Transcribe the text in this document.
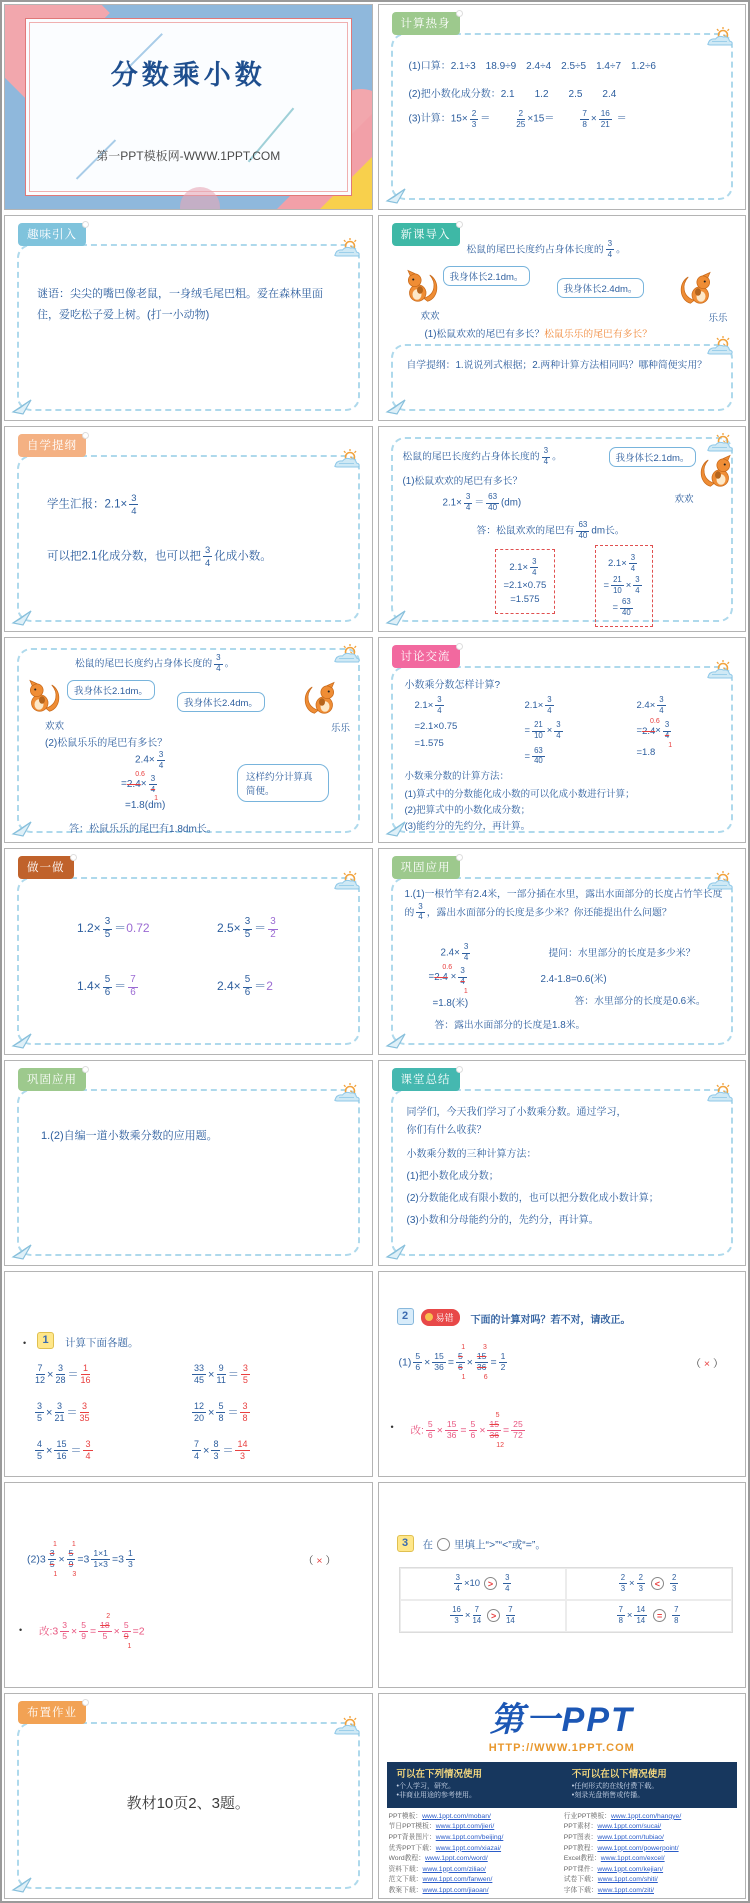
分数乘小数
第一PPT模板网-WWW.1PPT.COM
计算热身
(1)口算：2.1÷3　18.9÷9　2.4÷4　2.5÷5　1.4÷7　1.2÷6
(2)把小数化成分数：2.1　　1.2　　2.5　　2.4
(3)计算：$15\times \frac{2}{3}$ ＝	$\frac{2}{25} \times 15=$	$\frac{7}{8} \times \frac{16}{21}$ ＝
趣味引入
谜语：尖尖的嘴巴像老鼠，一身绒毛尾巴粗。爱在森林里面住，爱吃松子爱上树。(打一小动物)
新课导入
松鼠的尾巴长度约占身体长度的 $\frac{3}{4}$ 。
我身体长2.1dm。
我身体长2.4dm。
欢欢	乐乐
(1)松鼠欢欢的尾巴有多长？松鼠乐乐的尾巴有多长？
自学提纲：1.说说列式根据；2.两种计算方法相同吗？哪种简便实用？
自学提纲
学生汇报：$2.1\times \frac{3}{4}$
可以把2.1化成分数，也可以把 $\frac{3}{4}$ 化成小数。
松鼠的尾巴长度约占身体长度的 $\frac{3}{4}$ 。	我身体长2.1dm。
欢欢
(1)松鼠欢欢的尾巴有多长？
$2.1\times \frac{3}{4} = \frac{63}{40} (dm)$
答：松鼠欢欢的尾巴有 $\frac{63}{40}$ dm长。
$2.1\times \frac{3}{4}$
=2.1×0.75
=1.575
$2.1\times \frac{3}{4}$
= $\frac{21}{10} \times \frac{3}{4}$
= $\frac{63}{40}$
松鼠的尾巴长度约占身体长度的 $\frac{3}{4}$ 。
我身体长2.1dm。
我身体长2.4dm。
欢欢	乐乐
(2)松鼠乐乐的尾巴有多长？
$2.4\times \frac{3}{4}$
=2.4
0.6
×
3
4
1
=1.8(dm)
这样约分计算真简便。
答：松鼠乐乐的尾巴有1.8dm长。
讨论交流
小数乘分数怎样计算?
$2.1\times \frac{3}{4}$
=2.1×0.75
=1.575
$2.1\times \frac{3}{4}$
= $\frac{21}{10} \times \frac{3}{4}$
= $\frac{63}{40}$
$2.4\times \frac{3}{4}$
=2.4
0.6
×
3
4
1
=1.8
小数乘分数的计算方法：
(1)算式中的分数能化成小数的可以化成小数进行计算；
(2)把算式中的小数化成分数；
(3)能约分的先约分，再计算。
做一做
$1.2\times \frac{3}{5} =0.72$	$2.5\times \frac{3}{5} = \frac{3}{2}$
$1.4\times \frac{5}{6} = \frac{7}{6}$	$2.4\times \frac{5}{6} =2$
巩固应用
1.(1)一根竹竿有2.4米，一部分插在水里，露出水面部分的长度占竹竿长度的 $\frac{3}{4}$ ，露出水面部分的长度是多少米？你还能提出什么问题？
$2.4\times \frac{3}{4}$
=2.4
0.6
×
3
4
1
=1.8(米)
提问：水里部分的长度是多少米？
2.4-1.8=0.6(米)
答：水里部分的长度是0.6米。
答：露出水面部分的长度是1.8米。
巩固应用
1.(2)自编一道小数乘分数的应用题。
课堂总结
同学们，今天我们学习了小数乘分数。通过学习，
你们有什么收获？
小数乘分数的三种计算方法：
(1)把小数化成分数；
(2)分数能化成有限小数的，也可以把分数化成小数计算；
(3)小数和分母能约分的，先约分，再计算。
•	1	计算下面各题。
$\frac{7}{12} \times \frac{3}{28} = \frac{1}{16}$	$\frac{33}{45} \times \frac{9}{11} = \frac{3}{5}$
$\frac{3}{5} \times \frac{3}{21} = \frac{3}{35}$	$\frac{12}{20} \times \frac{5}{8} = \frac{3}{8}$
$\frac{4}{5} \times \frac{15}{16} = \frac{3}{4}$	$\frac{7}{4} \times \frac{8}{3} = \frac{14}{3}$
2	易错 下面的计算对吗？若不对，请改正。
$(1) \frac{5}{6} \times \frac{15}{36}$ =
5
6
1
1
×
15
36
3
6
= $\frac{1}{2}$	（ × ）
• 改: $\frac{5}{6} \times \frac{15}{36} = \frac{5}{6}$ ×
15
36
5
12
= $\frac{25}{72}$
(2)3
3
5
1
1
×
5
9
1
3
$=3 \frac{1\times 1}{1\times 3} =3 \frac{1}{3}$	（ × ）
• 改:3 $\frac{3}{5} \times \frac{5}{9}$ =
18
5
2
×
5
9
1
=2
3	在 里填上“>”“<”或“=”。
$\frac{3}{4} \times 10$ >	$\frac{3}{4}$	$\frac{2}{3} \times \frac{2}{3}$	<	$\frac{2}{3}$
$\frac{16}{3} \times \frac{7}{14}$	>	$\frac{7}{14}$	$\frac{7}{8} \times \frac{14}{14}$	=	$\frac{7}{8}$
布置作业
教材10页2、3题。
第一PPT
HTTP://WWW.1PPT.COM
可以在下列情况使用
•个人学习，研究。
•非商业用途的参考使用。
不可以在以下情况使用
•任何形式的在线付费下载。
•刻录光盘销售或传播。
PPT模板：www.1ppt.com/moban/	行业PPT模板：www.1ppt.com/hangye/
节日PPT模板：www.1ppt.com/jieri/	PPT素材：www.1ppt.com/sucai/
PPT背景图片：www.1ppt.com/beijing/	PPT图表：www.1ppt.com/tubiao/
优秀PPT下载：www.1ppt.com/xiazai/	PPT教程：www.1ppt.com/powerpoint/
Word教程：www.1ppt.com/word/	Excel教程：www.1ppt.com/excel/
资料下载：www.1ppt.com/ziliao/	PPT课件：www.1ppt.com/kejian/
范文下载：www.1ppt.com/fanwen/	试卷下载：www.1ppt.com/shiti/
教案下载：www.1ppt.com/jiaoan/	字体下载：www.1ppt.com/ziti/
